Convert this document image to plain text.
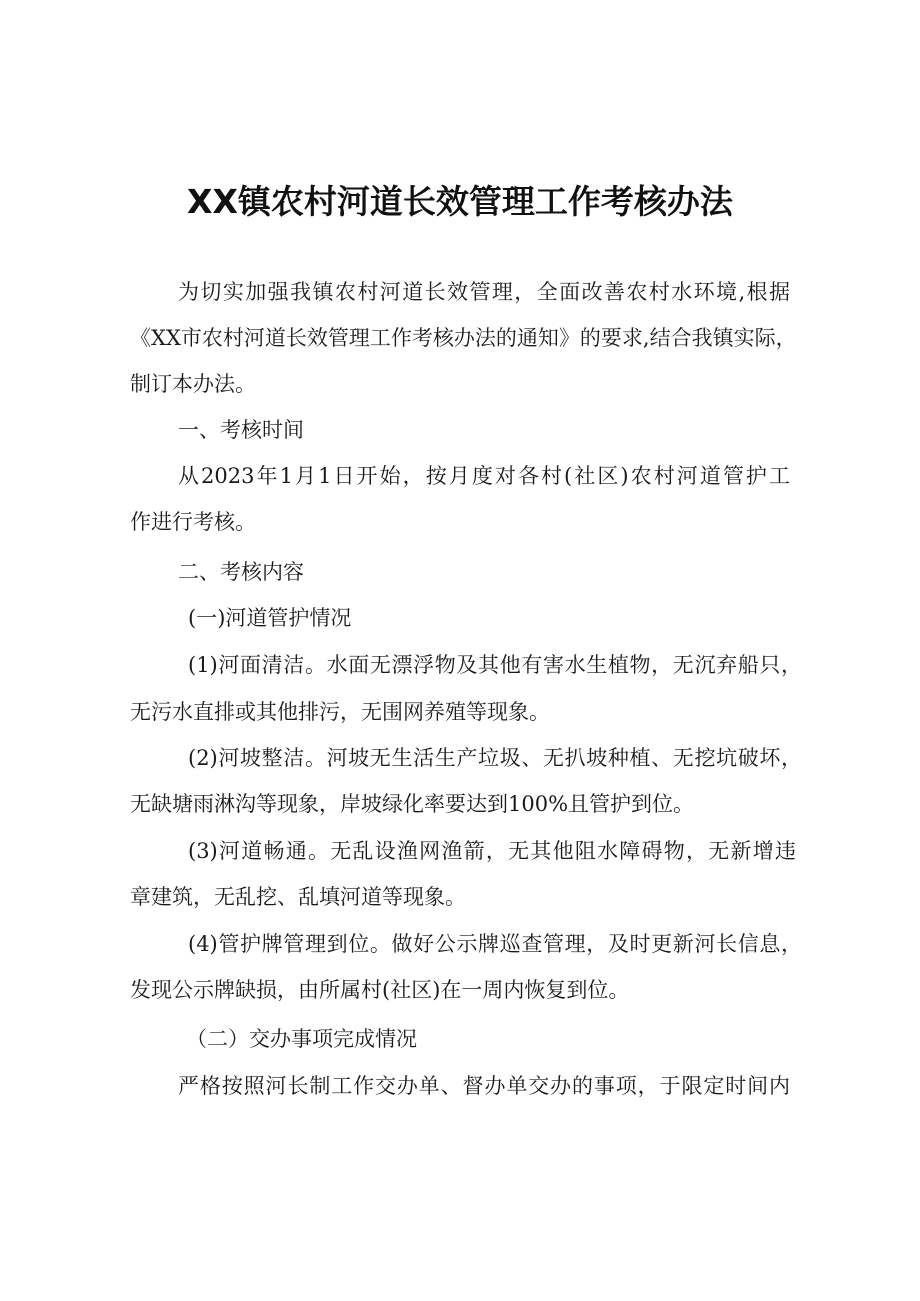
XX镇农村河道长效管理工作考核办法
为切实加强我镇农村河道长效管理，全面改善农村水环境,根据
《XX市农村河道长效管理工作考核办法的通知》的要求,结合我镇实际，
制订本办法。
一、考核时间
从2023年1月1日开始，按月度对各村(社区)农村河道管护工
作进行考核。
二、考核内容
(一)河道管护情况
(1)河面清洁。水面无漂浮物及其他有害水生植物，无沉弃船只，
无污水直排或其他排污，无围网养殖等现象。
(2)河坡整洁。河坡无生活生产垃圾、无扒坡种植、无挖坑破坏，
无缺塘雨淋沟等现象，岸坡绿化率要达到100%且管护到位。
(3)河道畅通。无乱设渔网渔箭，无其他阻水障碍物，无新增违
章建筑，无乱挖、乱填河道等现象。
(4)管护牌管理到位。做好公示牌巡查管理，及时更新河长信息，
发现公示牌缺损，由所属村(社区)在一周内恢复到位。
（二）交办事项完成情况
严格按照河长制工作交办单、督办单交办的事项，于限定时间内
